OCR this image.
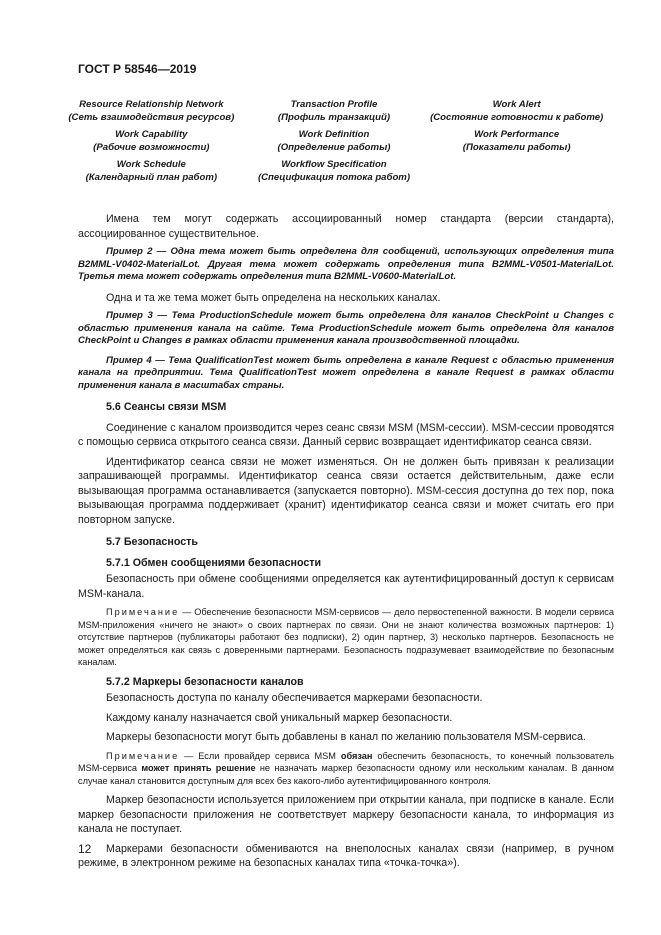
ГОСТ Р 58546—2019
Resource Relationship Network
(Сеть взаимодействия ресурсов)
Transaction Profile
(Профиль транзакций)
Work Alert
(Состояние готовности к работе)
Work Capability
(Рабочие возможности)
Work Definition
(Определение работы)
Work Performance
(Показатели работы)
Work Schedule
(Календарный план работ)
Workflow Specification
(Спецификация потока работ)

Имена тем могут содержать ассоциированный номер стандарта (версии стандарта), ассоциированное существительное.

Пример 2 — Одна тема может быть определена для сообщений, использующих определения типа B2MML-V0402-MaterialLot. Другая тема может содержать определения типа B2MML-V0501-MaterialLot. Третья тема может содержать определения типа B2MML-V0600-MaterialLot.

Одна и та же тема может быть определена на нескольких каналах.

Пример 3 — Тема ProductionSchedule может быть определена для каналов CheckPoint и Changes с областью применения канала на сайте. Тема ProductionSchedule может быть определена для каналов CheckPoint и Changes в рамках области применения канала производственной площадки.

Пример 4 — Тема QualificationTest может быть определена в канале Request с областью применения канала на предприятии. Тема QualificationTest может определена в канале Request в рамках области применения канала в масштабах страны.

5.6 Сеансы связи MSM

Соединение с каналом производится через сеанс связи MSM (MSM-сессии). MSM-сессии проводятся с помощью сервиса открытого сеанса связи. Данный сервис возвращает идентификатор сеанса связи.

Идентификатор сеанса связи не может изменяться. Он не должен быть привязан к реализации запрашивающей программы. Идентификатор сеанса связи остается действительным, даже если вызывающая программа останавливается (запускается повторно). MSM-сессия доступна до тех пор, пока вызывающая программа поддерживает (хранит) идентификатор сеанса связи и может считать его при повторном запуске.

5.7 Безопасность
5.7.1 Обмен сообщениями безопасности

Безопасность при обмене сообщениями определяется как аутентифицированный доступ к сервисам MSM-канала.

Примечание — Обеспечение безопасности MSM-сервисов — дело первостепенной важности. В модели сервиса MSM-приложения «ничего не знают» о своих партнерах по связи. Они не знают количества возможных партнеров: 1) отсутствие партнеров (публикаторы работают без подписки), 2) один партнер, 3) несколько партнеров. Безопасность не может определяться как связь с доверенными партнерами. Безопасность подразумевает взаимодействие по безопасным каналам.

5.7.2 Маркеры безопасности каналов

Безопасность доступа по каналу обеспечивается маркерами безопасности.

Каждому каналу назначается свой уникальный маркер безопасности.

Маркеры безопасности могут быть добавлены в канал по желанию пользователя MSM-сервиса.

Примечание — Если провайдер сервиса MSM обязан обеспечить безопасность, то конечный пользователь MSM-сервиса может принять решение не назначать маркер безопасности одному или нескольким каналам. В данном случае канал становится доступным для всех без какого-либо аутентифицированного контроля.

Маркер безопасности используется приложением при открытии канала, при подписке в канале. Если маркер безопасности приложения не соответствует маркеру безопасности канала, то информация из канала не поступает.

Маркерами безопасности обмениваются на внеполосных каналах связи (например, в ручном режиме, в электронном режиме на безопасных каналах типа «точка-точка»).

12
